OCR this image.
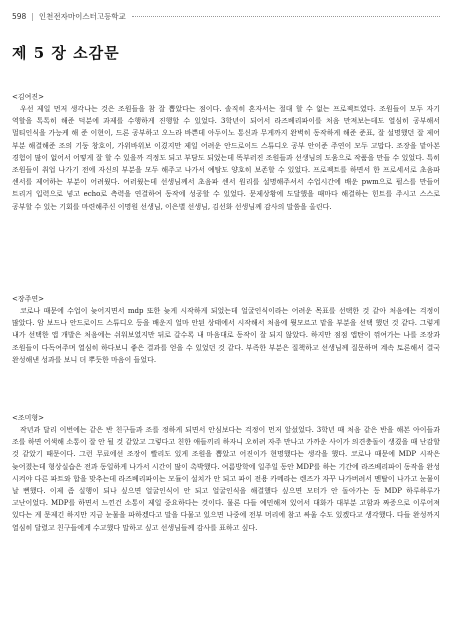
598 | 인천전자마이스터고등학교
제 5 장 소감문
<김여진>

우선 제일 먼저 생각나는 것은 조원들을 참 잘 뽑았다는 점이다. 솔직히 혼자서는 절대 할 수 없는 프로젝트였다. 조원들이 모두 자기 역할을 톡톡히 해준 덕분에 과제를 수행하게 진행할 수 있었다. 3학년이 되어서 라즈베리파이를 처음 만져보는데도 열심히 공부해서 멀티인식을 가능케 해 준 이현이, 드론 공부하고 오느라 바쁜데 아두이노 통신과 무게까지 완벽히 동작하게 해준 준표, 잘 설명했던 잘 제어 부분 해결해준 조의 기둥 창호이, 가위바위보 이겼지만 제일 어려운 안드로이드 스튜디오 공부 안이준 주연이 모두 고맙다. 조장을 맡아본 경험이 많이 없어서 어떻게 잘 할 수 있을까 걱정도 되고 부담도 되었는데 똑부러진 조원들과 선생님의 도움으로 작품을 만들 수 있었다. 특히 조원들이 취업 나가기 전에 자신의 부분을 모두 해주고 나가서 예탐도 양호히 보존할 수 있었다. 프로젝트를 하면서 한 프로세서로 초음파 센서를 제어하는 부분이 어려웠다. 여러웠는데 선생님께서 초음파 센서 원리를 설명해주셔서 수업시간에 배운 pwm으로 펄스를 만들어 트리거 입력으로 넣고 echo로 측력을 연결하여 동작에 성공할 수 있었다. 문제상황에 도달했을 때마다 해결하는 힌트를 주시고 스스로 공부할 수 있는 기회를 마련해주신 이명원 선생님, 이은별 선생님, 김선화 선생님께 감사의 말씀을 올린다.

<장주연>

코로나 때문에 수업이 늦어지면서 mdp 또한 늦게 시작하게 되었는데 얼굴인식이라는 어려운 목표를 선택한 것 같아 처음에는 걱정이 많았다. 암 보드나 안드로이드 스튜디오 등을 배운지 얼마 안된 상태에서 시작해서 처음에 뭣모르고 맡을 부분을 선택 했던 것 같다. 그렇게 내가 선택한 앱 개발은 처음에는 쉬워보였지만 뒤로 갈수록 내 마음대로 동작이 잘 되지 않았다. 하지만 점점 앱탄이 꺾여가는 나를 조장과 조원들이 다독여주며 열심히 하다보니 좋은 결과를 얻을 수 있었던 것 같다. 부족한 부분은 질책하고 선생님께 질문하며 계속 토론해서 결국 완성해낸 성과를 보니 더 뿌듯한 마음이 들었다.

<조미형>

작년과 달리 이번에는 같은 반 친구들과 조를 정하게 되면서 안심보다는 걱정이 먼저 앞섰었다. 3학년 때 처음 같은 반을 해본 아이들과 조를 하면 어색해 소통이 잘 안 될 것 같았고 그렇다고 친한 애들끼리 하자니 오히려 자주 만나고 가까운 사이가 의견충돌이 생겼을 때 난감할 것 같았기 때문이다. 그런 무료에선 조장이 빨리도 있게 조원을 뽑았고 어진이가 현명했다는 생각을 했다. 코로나 때문에 MDP 시작은 늦어졌는데 형상실습은 전과 동일하게 나가서 시간이 많이 촉박했다. 여름방학에 일주일 동안 MDP를 하는 기간에 라즈베리파이 동작을 완성 시켜야 다른 파트와 합을 맞추는데 라즈베리파이는 모듈이 설치가 안 되고 파이 전용 카메라는 렌즈가 자꾸 나가버려서 멘탈이 나가고 눈물이 날 뻔했다. 이제 좀 실행이 되나 싶으면 얼굴인식이 안 되고 얼굴인식을 해결했다 싶으면 모터가 안 돌아가는 등 MDP 하루하루가 고난이었다. MDP를 하면서 느낀건 소통이 제일 중요하다는 것이다. 물론 다들 예민해져 있어서 대화가 대부분 고함과 짜증으로 이루어져 있다는 게 문제긴 하지만 지금 눈물을 파하겠다고 말을 다물고 있으면 나중에 전부 머리에 참고 싸울 수도 있겠다고 생각했다. 다들 완성까지 열심히 달렸고 친구들에게 수고했다 말하고 싶고 선생님들께 감사를 표하고 싶다.
